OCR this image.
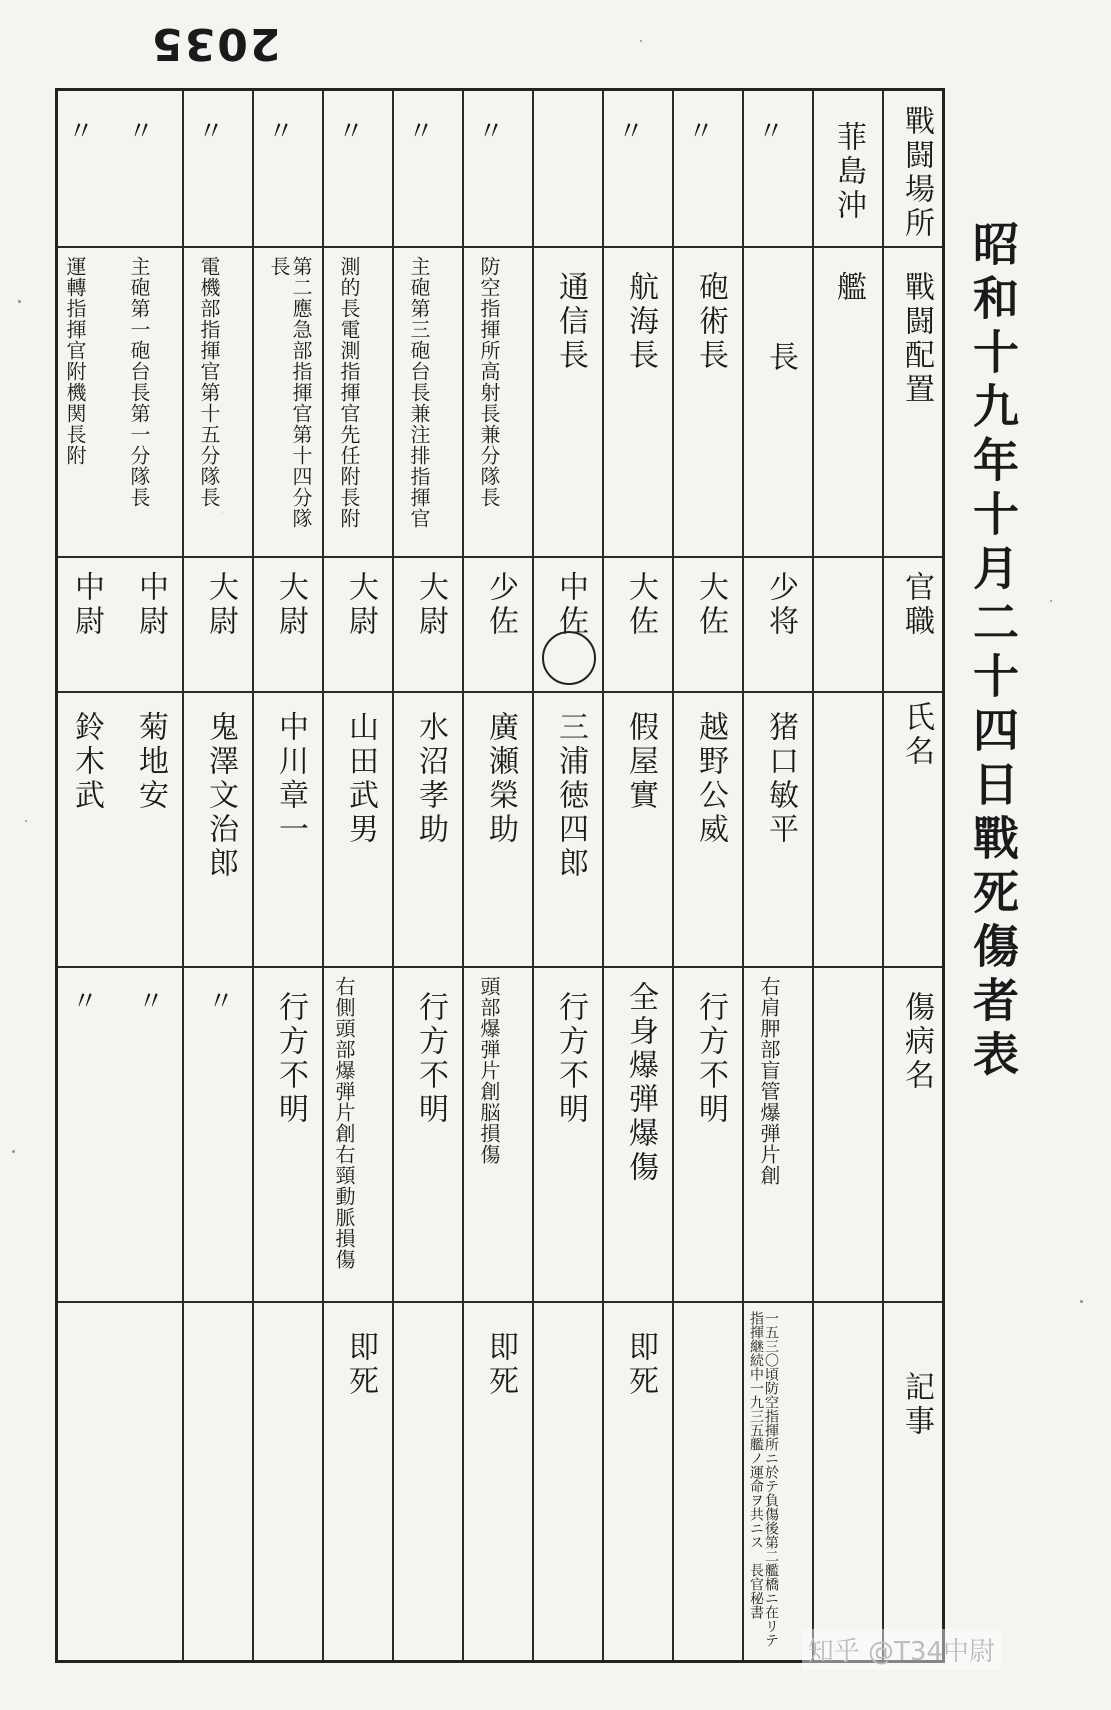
2035
昭和十九年十月二十四日戰死傷者表
戰闘場所
戰闘配置
官職
氏名
傷病名
記事
菲島沖
艦
〃
〃
〃
〃
〃
〃
〃
〃
〃
〃
長
少将
猪口敏平
右肩胛部盲管爆弾片創
一五三〇頃防空指揮所ニ於テ負傷後第二艦橋ニ在リテ指揮継続中一九三五艦ノ運命ヲ共ニス　長官秘書
砲術長
大佐
越野公威
行方不明
航海長
大佐
假屋實
全身爆弾爆傷
即死
通信長
中佐
三浦徳四郎
行方不明
防空指揮所高射長兼分隊長
少佐
廣瀬榮助
頭部爆弾片創脳損傷
即死
主砲第三砲台長兼注排指揮官
大尉
水沼孝助
行方不明
測的長電測指揮官先任附長附
大尉
山田武男
右側頭部爆弾片創右頸動脈損傷
即死
第二應急部指揮官第十四分隊長
大尉
中川章一
行方不明
電機部指揮官第十五分隊長
大尉
鬼澤文治郎
〃
主砲第一砲台長第一分隊長
中尉
菊地安
〃
運轉指揮官附機関長附
中尉
鈴木武
〃
知乎 @T34中尉
